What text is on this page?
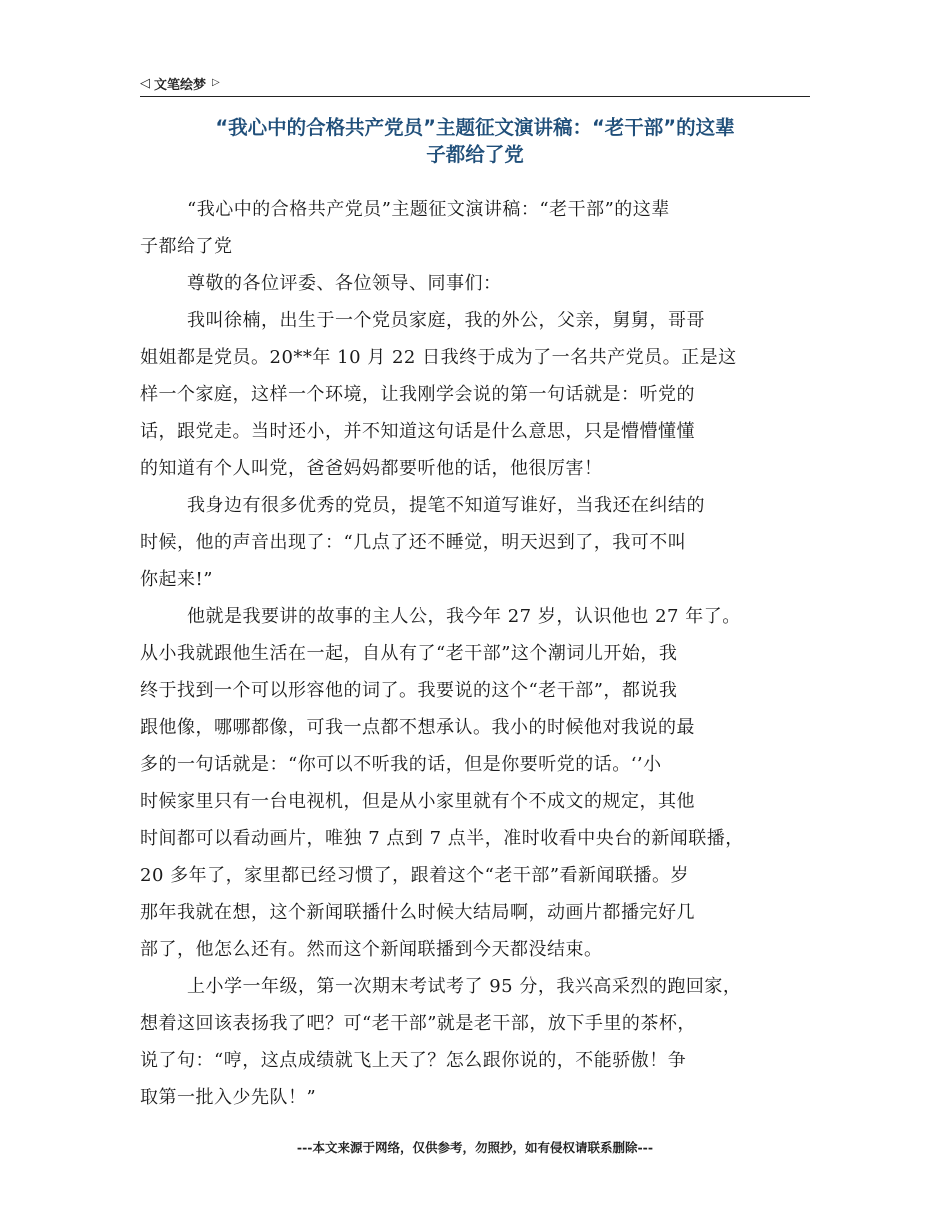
◁ 文笔绘梦 ▷
“我心中的合格共产党员”主题征文演讲稿：“老干部”的这辈
子都给了党
“我心中的合格共产党员”主题征文演讲稿：“老干部”的这辈
子都给了党
尊敬的各位评委、各位领导、同事们：
我叫徐楠，出生于一个党员家庭，我的外公，父亲，舅舅，哥哥
姐姐都是党员。20**年 10 月 22 日我终于成为了一名共产党员。正是这
样一个家庭，这样一个环境，让我刚学会说的第一句话就是：听党的
话，跟党走。当时还小，并不知道这句话是什么意思，只是懵懵懂懂
的知道有个人叫党，爸爸妈妈都要听他的话，他很厉害！
我身边有很多优秀的党员，提笔不知道写谁好，当我还在纠结的
时候，他的声音出现了：“几点了还不睡觉，明天迟到了，我可不叫
你起来!”
他就是我要讲的故事的主人公，我今年 27 岁，认识他也 27 年了。
从小我就跟他生活在一起，自从有了“老干部”这个潮词儿开始，我
终于找到一个可以形容他的词了。我要说的这个“老干部”，都说我
跟他像，哪哪都像，可我一点都不想承认。我小的时候他对我说的最
多的一句话就是：“你可以不听我的话，但是你要听党的话。‘’小
时候家里只有一台电视机，但是从小家里就有个不成文的规定，其他
时间都可以看动画片，唯独 7 点到 7 点半，准时收看中央台的新闻联播，
20 多年了，家里都已经习惯了，跟着这个“老干部”看新闻联播。岁
那年我就在想，这个新闻联播什么时候大结局啊，动画片都播完好几
部了，他怎么还有。然而这个新闻联播到今天都没结束。
上小学一年级，第一次期末考试考了 95 分，我兴高采烈的跑回家，
想着这回该表扬我了吧？可“老干部”就是老干部，放下手里的茶杯，
说了句：“哼，这点成绩就飞上天了？怎么跟你说的，不能骄傲！争
取第一批入少先队！”
---本文来源于网络，仅供参考，勿照抄，如有侵权请联系删除---
